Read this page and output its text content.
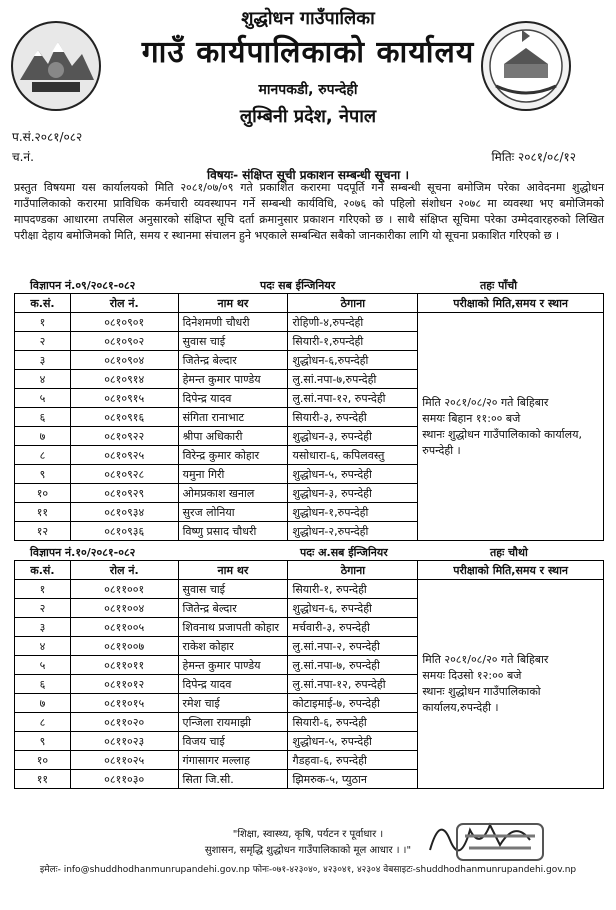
शुद्धोधन गाउँपालिका
गाउँ कार्यपालिकाको कार्यालय
मानपकडी, रुपन्देही
लुम्बिनी प्रदेश, नेपाल
प.सं.२०८१/०८२
च.नं.	मितिः २०८१/०८/१२
विषयः- संक्षिप्त सूची प्रकाशन सम्बन्धी सूचना ।
प्रस्तुत विषयमा यस कार्यालयको मिति २०८१/०७/०९ गते प्रकाशित करारमा पदपूर्ति गर्ने सम्बन्धी सूचना बमोजिम परेका आवेदनमा शुद्धोधन गाउँपालिकाको करारमा प्राविधिक कर्मचारी व्यवस्थापन गर्ने सम्बन्धी कार्यविधि, २०७६ को पहिलो संशोधन २०७८ मा व्यवस्था भए बमोजिमको मापदण्डका आधारमा तपसिल अनुसारको संक्षिप्त सूचि दर्ता क्रमानुसार प्रकाशन गरिएको छ । साथै संक्षिप्त सूचिमा परेका उम्मेदवारहरुको लिखित परीक्षा देहाय बमोजिमको मिति, समय र स्थानमा संचालन हुने भएकाले सम्बन्धित सबैको जानकारीका लागि यो सूचना प्रकाशित गरिएको छ ।
विज्ञापन नं.०९/२०८१-०८२	पदः सब ईन्जिनियर	तहः पाँचौ
क.सं.	रोल नं.	नाम थर	ठेगाना	परीक्षाको मिति,समय र स्थान
१	०८१०९०१	दिनेशमणी चौधरी	रोहिणी-४,रुपन्देही	मिति २०८१/०८/२० गते बिहिबार
समयः बिहान ११:०० बजे
स्थानः शुद्धोधन गाउँपालिकाको कार्यालय, रुपन्देही ।
२	०८१०९०२	सुवास चाई	सियारी-१,रुपन्देही	
३	०८१०९०४	जितेन्द्र बेल्दार	शुद्धोधन-६,रुपन्देही	
४	०८१०९१४	हेमन्त कुमार पाण्डेय	लु.सां.नपा-७,रुपन्देही	
५	०८१०९१५	दिपेन्द्र यादव	लु.सां.नपा-१२, रुपन्देही	
६	०८१०९१६	संगिता रानाभाट	सियारी-३, रुपन्देही	
७	०८१०९२२	श्रीपा अधिकारी	शुद्धोधन-३, रुपन्देही	
८	०८१०९२५	विरेन्द्र कुमार कोहार	यसोधारा-६, कपिलवस्तु	
९	०८१०९२८	यमुना गिरी	शुद्धोधन-५, रुपन्देही	
१०	०८१०९२९	ओमप्रकाश खनाल	शुद्धोधन-३, रुपन्देही	
११	०८१०९३४	सुरज लोनिया	शुद्धोधन-१,रुपन्देही	
१२	०८१०९३६	विष्णु प्रसाद चौधरी	शुद्धोधन-२,रुपन्देही	
विज्ञापन नं.१०/२०८१-०८२	पदः अ.सब ईन्जिनियर	तहः चौथो
क.सं.	रोल नं.	नाम थर	ठेगाना	परीक्षाको मिति,समय र स्थान
१	०८११००१	सुवास चाई	सियारी-१, रुपन्देही	मिति २०८१/०८/२० गते बिहिबार
समयः दिउसो १२:०० बजे
स्थानः शुद्धोधन गाउँपालिकाको कार्यालय,रुपन्देही ।
२	०८११००४	जितेन्द्र बेल्दार	शुद्धोधन-६, रुपन्देही	
३	०८११००५	शिवनाथ प्रजापती कोहार	मर्चवारी-३, रुपन्देही	
४	०८११००७	राकेश कोहार	लु.सां.नपा-२, रुपन्देही	
५	०८११०११	हेमन्त कुमार पाण्डेय	लु.सां.नपा-७, रुपन्देही	
६	०८११०१२	दिपेन्द्र यादव	लु.सां.नपा-१२, रुपन्देही	
७	०८११०१५	रमेश चाई	कोटाइमाई-७, रुपन्देही	
८	०८११०२०	एन्जिला रायमाझी	सियारी-६, रुपन्देही	
९	०८११०२३	विजय चाई	शुद्धोधन-५, रुपन्देही	
१०	०८११०२५	गंगासागर मल्लाह	गैडहवा-६, रुपन्देही	
११	०८११०३०	सिता जि.सी.	झिमरुक-५, प्युठान	
"शिक्षा, स्वास्थ्य, कृषि, पर्यटन र पूर्वाधार ।
सुशासन, समृद्धि शुद्धोधन गाउँपालिकाको मूल आधार । ।"
इमेलः- info@shuddhodhanmunrupandehi.gov.np फोनः-०७१-४२३०४०, ४२३०४१, ४२३०४ वेबसाइटः-shuddhodhanmunrupandehi.gov.np
